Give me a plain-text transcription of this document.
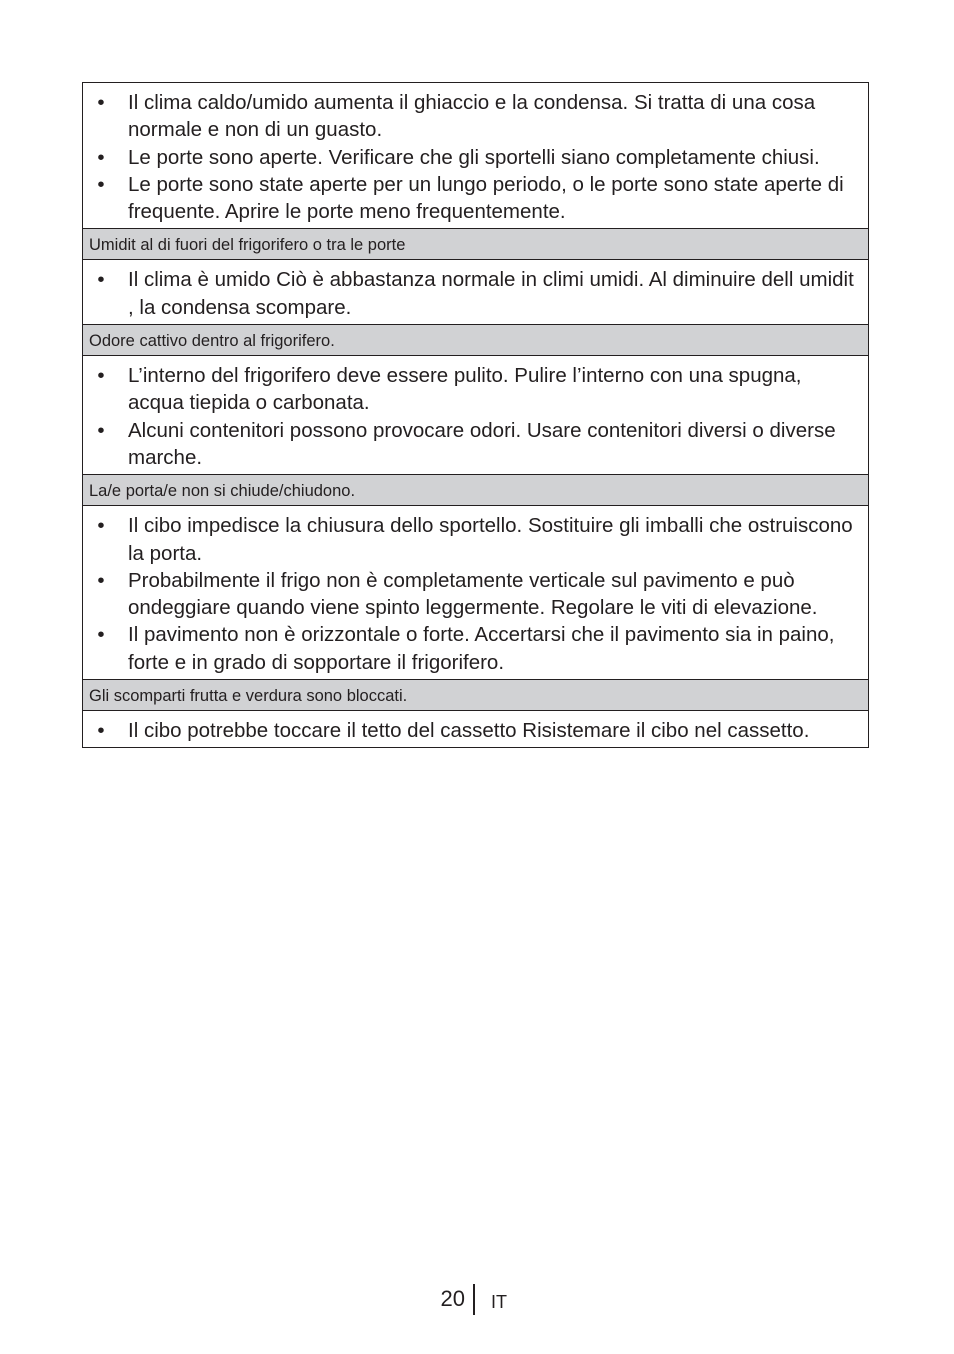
•	Il clima caldo/umido aumenta il ghiaccio e la condensa. Si tratta di una cosa normale e non di un guasto.
•	Le porte sono aperte. Verificare che gli sportelli siano completamente chiusi.
•	Le porte sono state aperte per un lungo periodo, o le porte sono state aperte di frequente. Aprire le porte meno frequentemente.
Umidit al di fuori del frigorifero o tra le porte
•	Il clima è umido Ciò è abbastanza normale in climi umidi. Al diminuire dell umidit , la condensa scompare.
Odore cattivo dentro al frigorifero.
•	L’interno del frigorifero deve essere pulito. Pulire l’interno con una spugna, acqua tiepida o carbonata.
•	Alcuni contenitori possono provocare odori. Usare contenitori diversi o diverse marche.
La/e porta/e non si chiude/chiudono.
•	Il cibo impedisce la chiusura dello sportello. Sostituire gli imballi che ostruiscono la porta.
•	Probabilmente il frigo non è completamente verticale sul pavimento e può ondeggiare quando viene spinto leggermente. Regolare le viti di elevazione.
•	Il pavimento non è orizzontale o forte. Accertarsi che il pavimento sia in paino, forte e in grado di sopportare il frigorifero.
Gli scomparti frutta e verdura sono bloccati.
•	Il cibo potrebbe toccare il tetto del cassetto Risistemare il cibo nel cassetto.
20 IT
